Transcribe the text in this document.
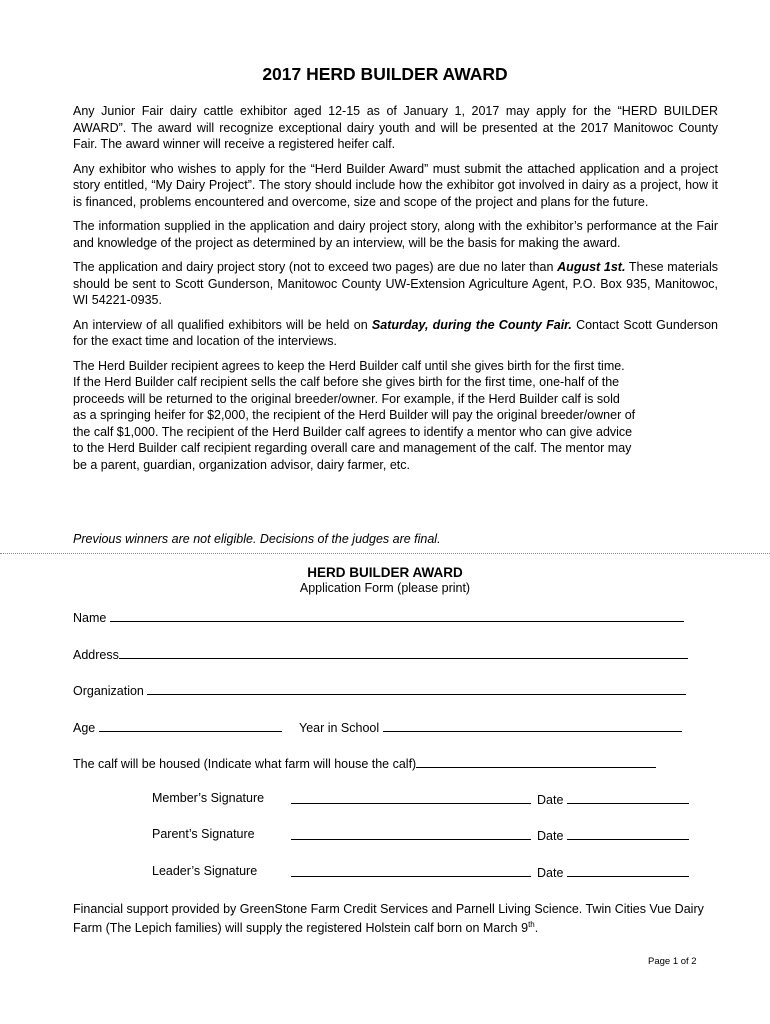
2017 HERD BUILDER AWARD

Any Junior Fair dairy cattle exhibitor aged 12-15 as of January 1, 2017 may apply for the “HERD BUILDER AWARD”. The award will recognize exceptional dairy youth and will be presented at the 2017 Manitowoc County Fair. The award winner will receive a registered heifer calf.

Any exhibitor who wishes to apply for the “Herd Builder Award” must submit the attached application and a project story entitled, “My Dairy Project”. The story should include how the exhibitor got involved in dairy as a project, how it is financed, problems encountered and overcome, size and scope of the project and plans for the future.

The information supplied in the application and dairy project story, along with the exhibitor’s performance at the Fair and knowledge of the project as determined by an interview, will be the basis for making the award.

The application and dairy project story (not to exceed two pages) are due no later than August 1st. These materials should be sent to Scott Gunderson, Manitowoc County UW-Extension Agriculture Agent, P.O. Box 935, Manitowoc, WI 54221-0935.

An interview of all qualified exhibitors will be held on Saturday, during the County Fair. Contact Scott Gunderson for the exact time and location of the interviews.

The Herd Builder recipient agrees to keep the Herd Builder calf until she gives birth for the first time.
If the Herd Builder calf recipient sells the calf before she gives birth for the first time, one-half of the
proceeds will be returned to the original breeder/owner. For example, if the Herd Builder calf is sold
as a springing heifer for $2,000, the recipient of the Herd Builder will pay the original breeder/owner of
the calf $1,000. The recipient of the Herd Builder calf agrees to identify a mentor who can give advice
to the Herd Builder calf recipient regarding overall care and management of the calf. The mentor may
be a parent, guardian, organization advisor, dairy farmer, etc.

Previous winners are not eligible. Decisions of the judges are final.
HERD BUILDER AWARD
Application Form (please print)
Name
Address
Organization
Age	Year in School
The calf will be housed (Indicate what farm will house the calf)
Member’s Signature	Date
Parent’s Signature	Date
Leader’s Signature	Date
Financial support provided by GreenStone Farm Credit Services and Parnell Living Science. Twin Cities Vue Dairy Farm (The Lepich families) will supply the registered Holstein calf born on March 9th.
Page 1 of 2
